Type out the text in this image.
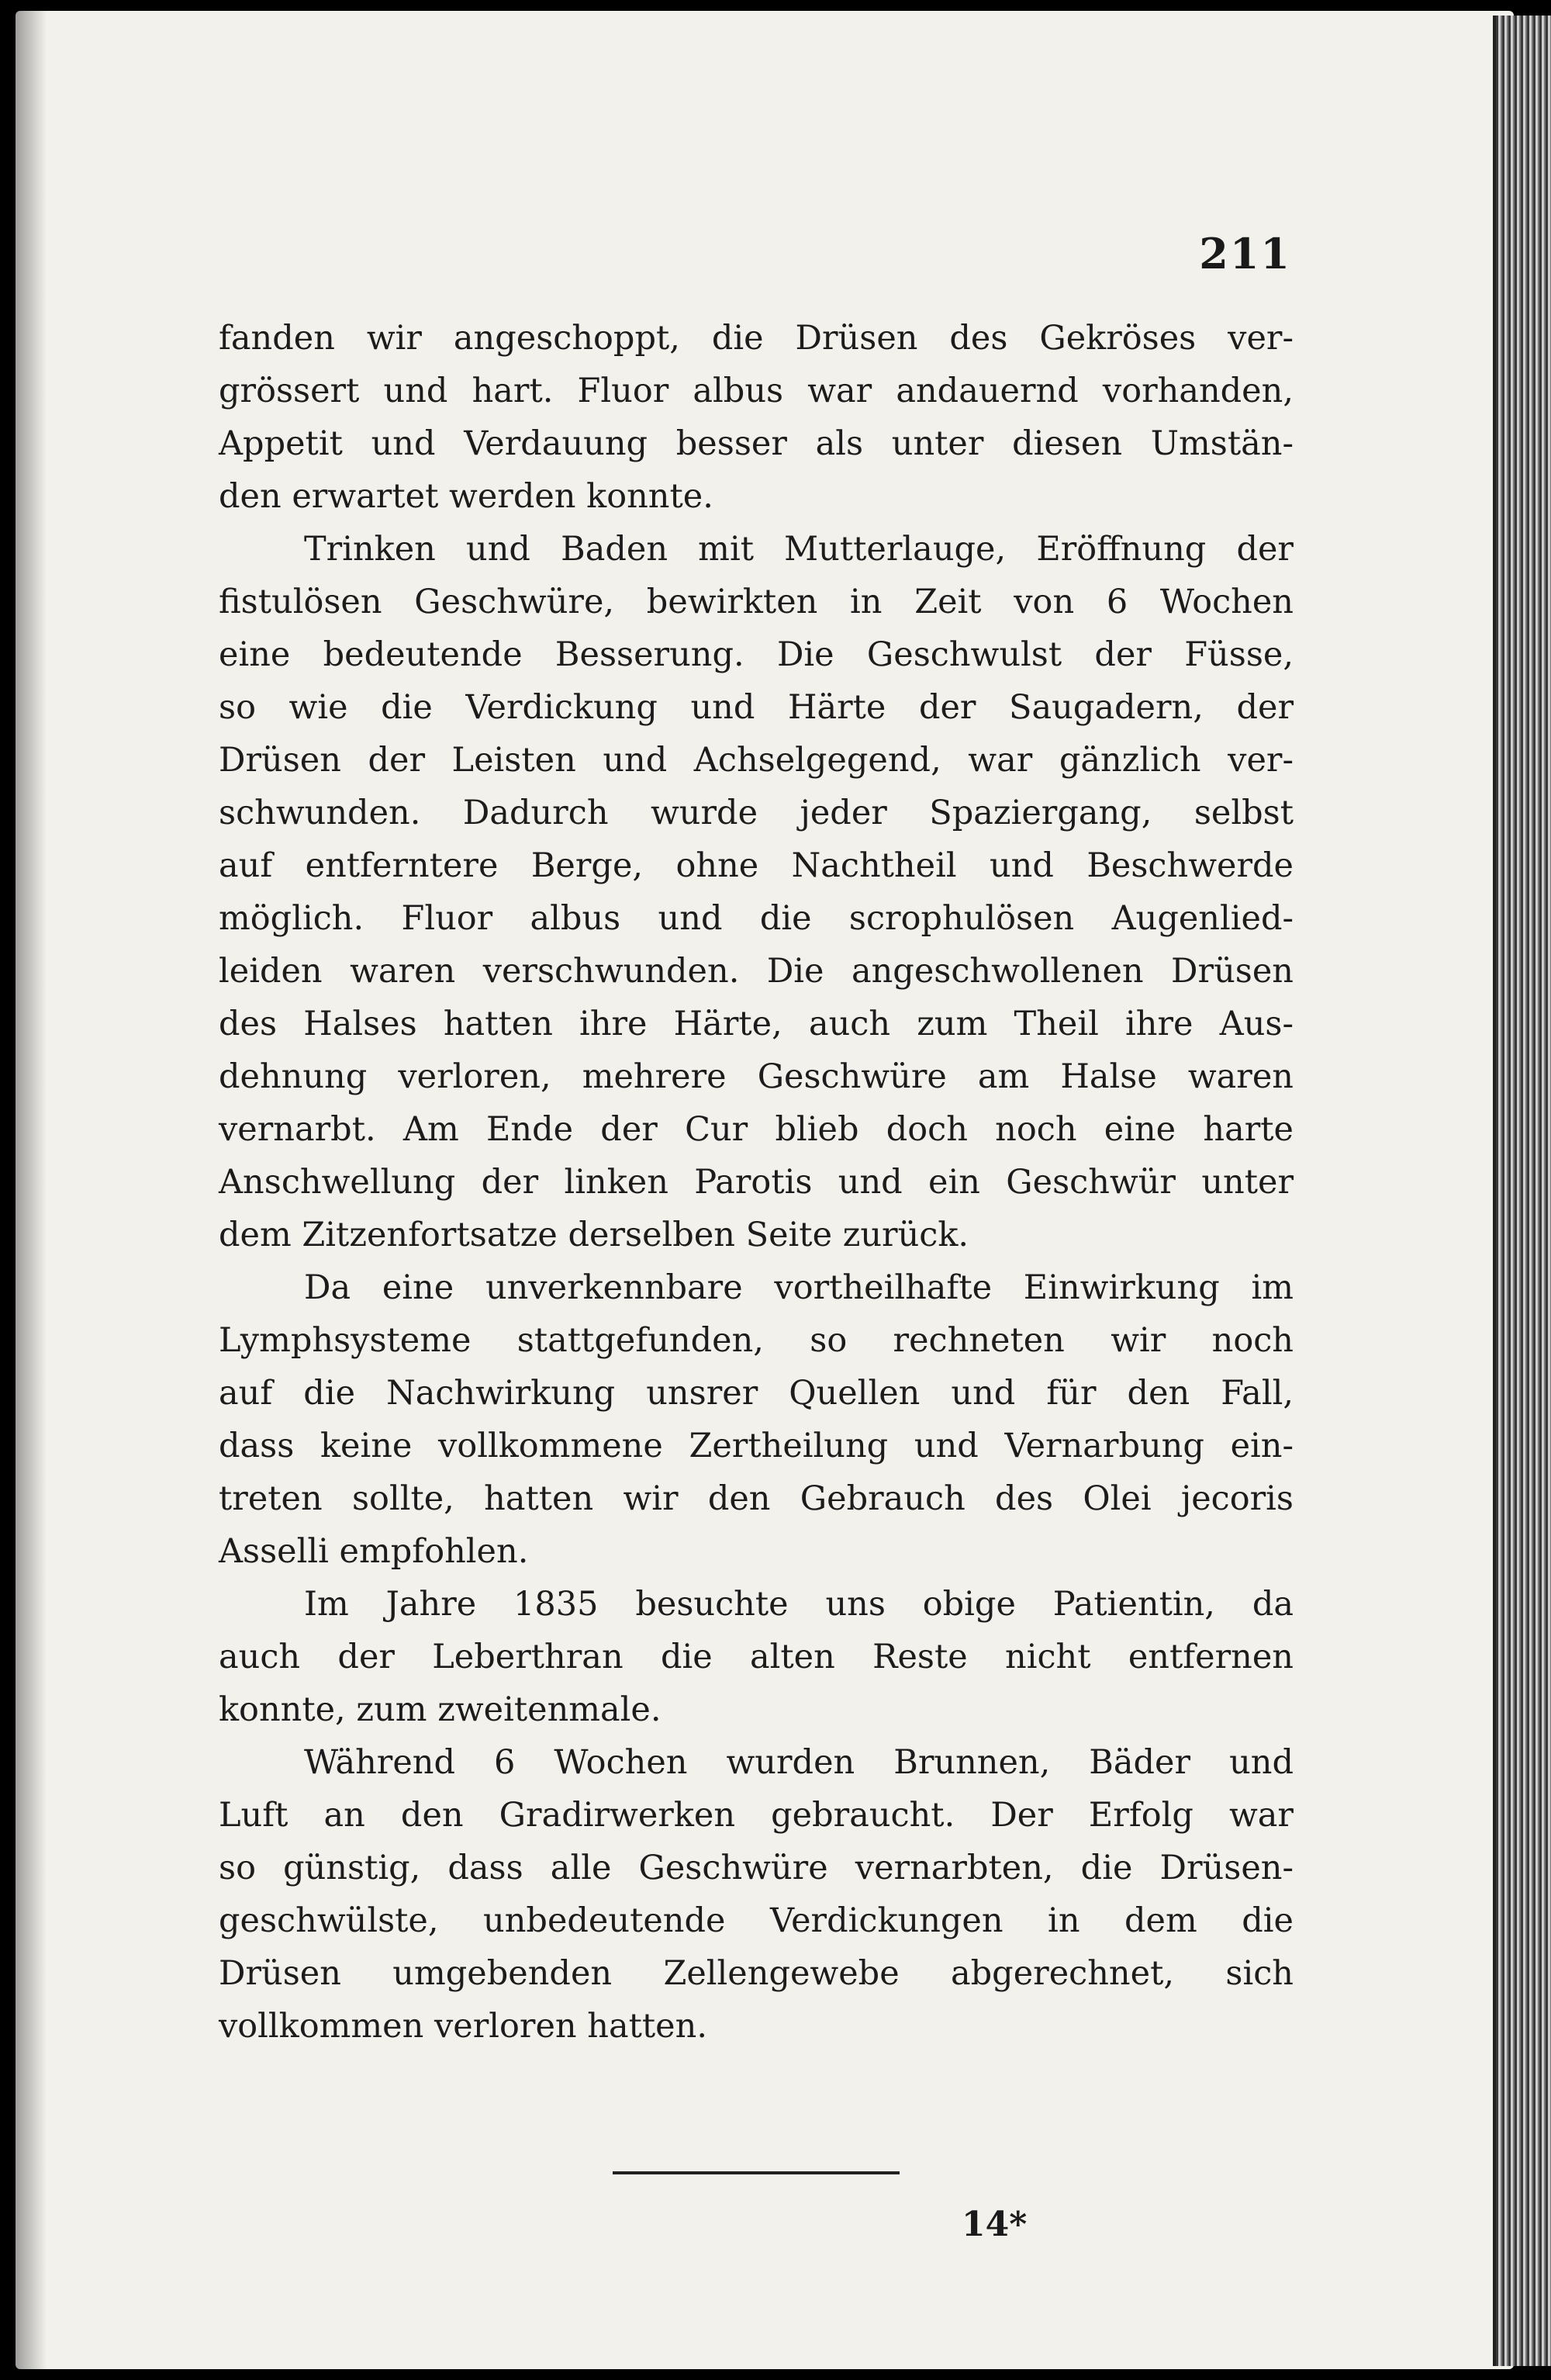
211

fanden wir angeschoppt, die Drüsen des Gekröses ver-

grössert und hart. Fluor albus war andauernd vorhanden,

Appetit und Verdauung besser als unter diesen Umstän-

den erwartet werden konnte.

Trinken und Baden mit Mutterlauge, Eröffnung der

fistulösen Geschwüre, bewirkten in Zeit von 6 Wochen

eine bedeutende Besserung. Die Geschwulst der Füsse,

so wie die Verdickung und Härte der Saugadern, der

Drüsen der Leisten und Achselgegend, war gänzlich ver-

schwunden. Dadurch wurde jeder Spaziergang, selbst

auf entferntere Berge, ohne Nachtheil und Beschwerde

möglich. Fluor albus und die scrophulösen Augenlied-

leiden waren verschwunden. Die angeschwollenen Drüsen

des Halses hatten ihre Härte, auch zum Theil ihre Aus-

dehnung verloren, mehrere Geschwüre am Halse waren

vernarbt. Am Ende der Cur blieb doch noch eine harte

Anschwellung der linken Parotis und ein Geschwür unter

dem Zitzenfortsatze derselben Seite zurück.

Da eine unverkennbare vortheilhafte Einwirkung im

Lymphsysteme stattgefunden, so rechneten wir noch

auf die Nachwirkung unsrer Quellen und für den Fall,

dass keine vollkommene Zertheilung und Vernarbung ein-

treten sollte, hatten wir den Gebrauch des Olei jecoris

Asselli empfohlen.

Im Jahre 1835 besuchte uns obige Patientin, da

auch der Leberthran die alten Reste nicht entfernen

konnte, zum zweitenmale.

Während 6 Wochen wurden Brunnen, Bäder und

Luft an den Gradirwerken gebraucht. Der Erfolg war

so günstig, dass alle Geschwüre vernarbten, die Drüsen-

geschwülste, unbedeutende Verdickungen in dem die

Drüsen umgebenden Zellengewebe abgerechnet, sich

vollkommen verloren hatten.

14*
